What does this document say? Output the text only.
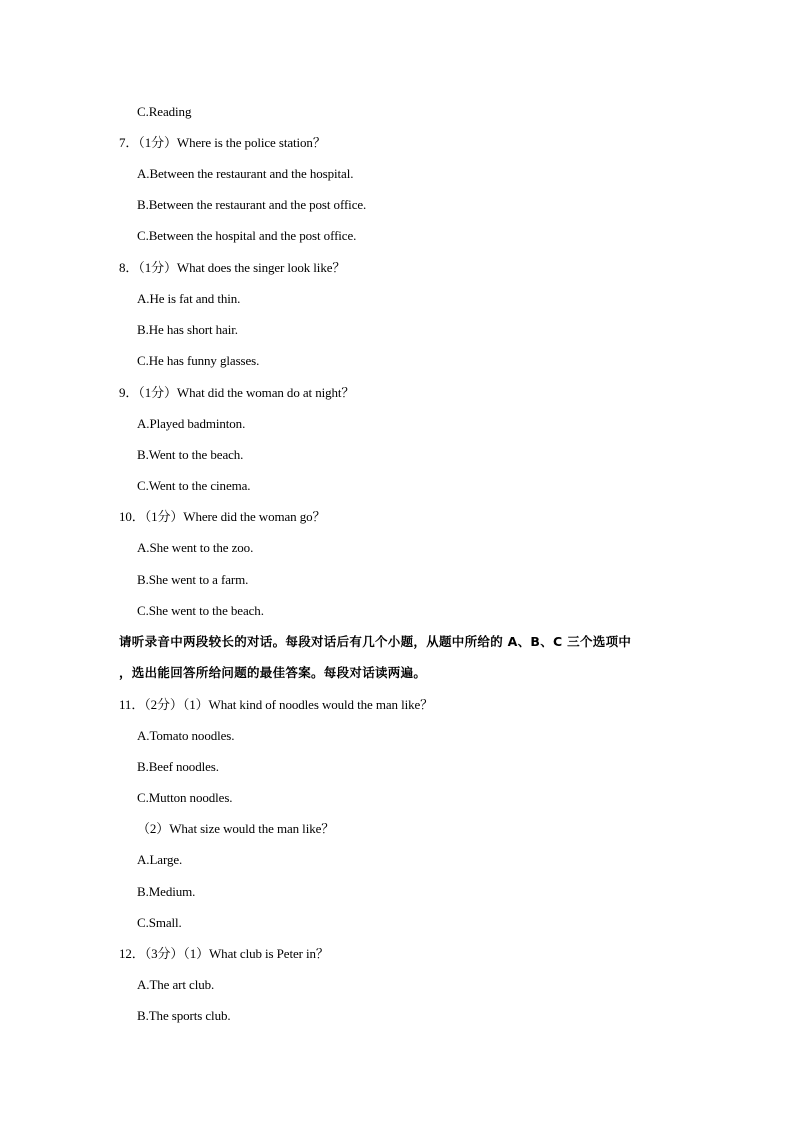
C.Reading
7．（1分）Where is the police station？
A.Between the restaurant and the hospital.
B.Between the restaurant and the post office.
C.Between the hospital and the post office.
8．（1分）What does the singer look like？
A.He is fat and thin.
B.He has short hair.
C.He has funny glasses.
9．（1分）What did the woman do at night？
A.Played badminton.
B.Went to the beach.
C.Went to the cinema.
10．（1分）Where did the woman go？
A.She went to the zoo.
B.She went to a farm.
C.She went to the beach.
请听录音中两段较长的对话。每段对话后有几个小题，从题中所给的 A、B、C 三个选项中
，选出能回答所给问题的最佳答案。每段对话读两遍。
11．（2分）（1）What kind of noodles would the man like？
A.Tomato noodles.
B.Beef noodles.
C.Mutton noodles.
（2）What size would the man like？
A.Large.
B.Medium.
C.Small.
12．（3分）（1）What club is Peter in？
A.The art club.
B.The sports club.
